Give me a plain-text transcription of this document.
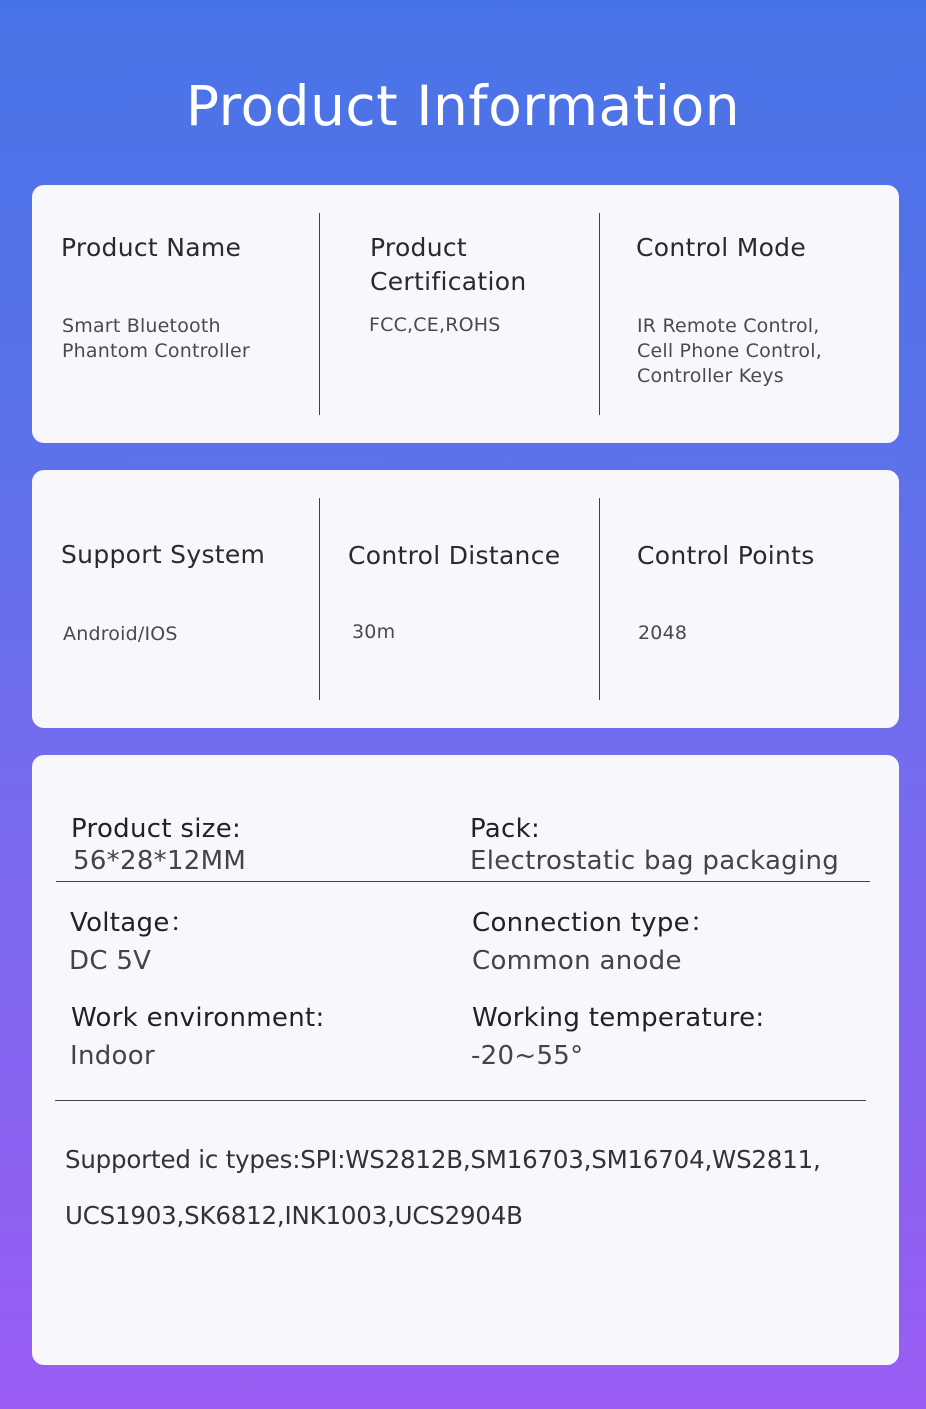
Product Information
Product Name
Smart Bluetooth
Phantom Controller
Product
Certification
FCC,CE,ROHS
Control Mode
IR Remote Control,
Cell Phone Control,
Controller Keys
Support System
Android/IOS
Control Distance
30m
Control Points
2048
Product size:
56*28*12MM
Pack:
Electrostatic bag packaging
Voltage：
DC 5V
Connection type：
Common anode
Work environment:
Indoor
Working temperature:
-20~55°
Supported ic types:SPI:WS2812B,SM16703,SM16704,WS2811,
UCS1903,SK6812,INK1003,UCS2904B
